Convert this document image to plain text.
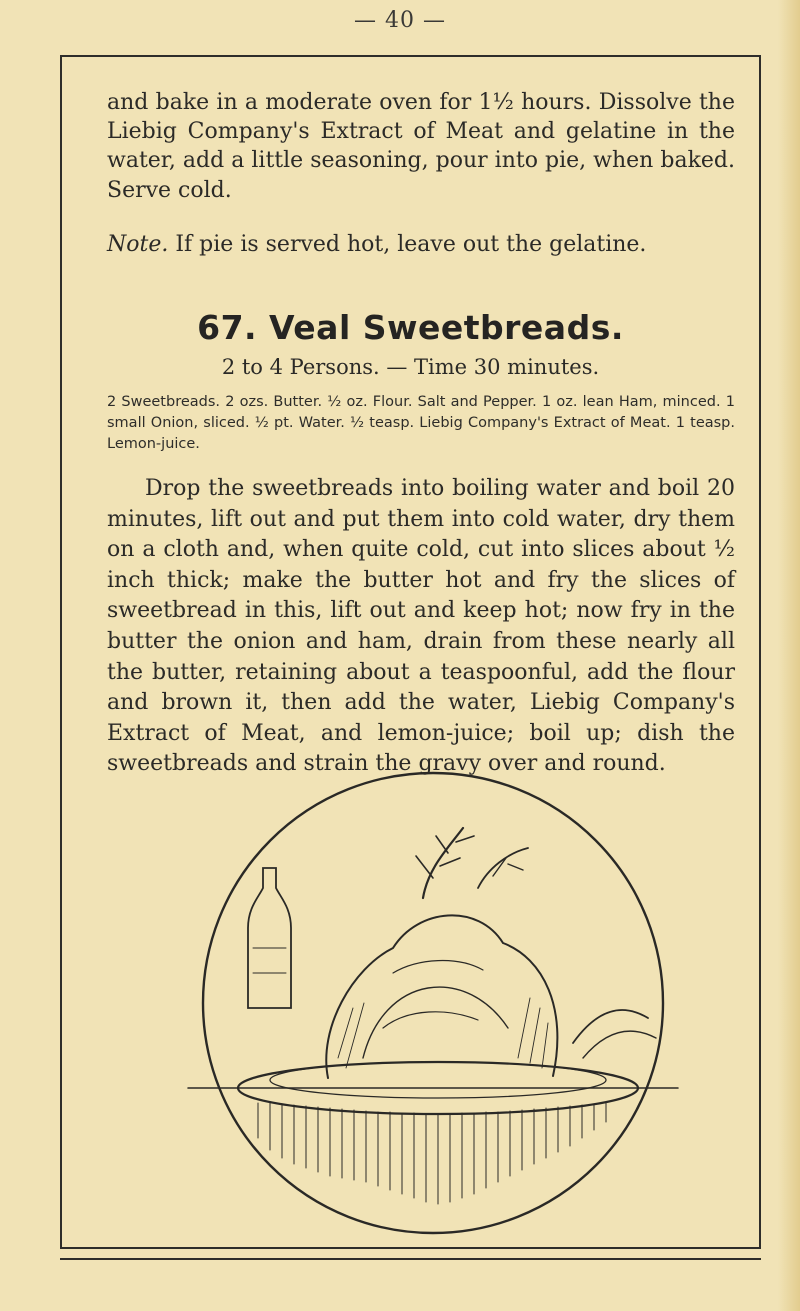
— 40 —

and bake in a moderate oven for 1½ hours. Dissolve the Liebig Company's Extract of Meat and gelatine in the water, add a little seasoning, pour into pie, when baked. Serve cold.

Note. If pie is served hot, leave out the gelatine.

67. Veal Sweetbreads.

2 to 4 Persons. — Time 30 minutes.

2 Sweetbreads. 2 ozs. Butter. ½ oz. Flour. Salt and Pepper. 1 oz. lean Ham, minced. 1 small Onion, sliced. ½ pt. Water. ½ teasp. Liebig Company's Extract of Meat. 1 teasp. Lemon-juice.

Drop the sweetbreads into boiling water and boil 20 minutes, lift out and put them into cold water, dry them on a cloth and, when quite cold, cut into slices about ½ inch thick; make the butter hot and fry the slices of sweetbread in this, lift out and keep hot; now fry in the butter the onion and ham, drain from these nearly all the butter, retaining about a teaspoonful, add the flour and brown it, then add the water, Liebig Company's Extract of Meat, and lemon-juice; boil up; dish the sweetbreads and strain the gravy over and round.
